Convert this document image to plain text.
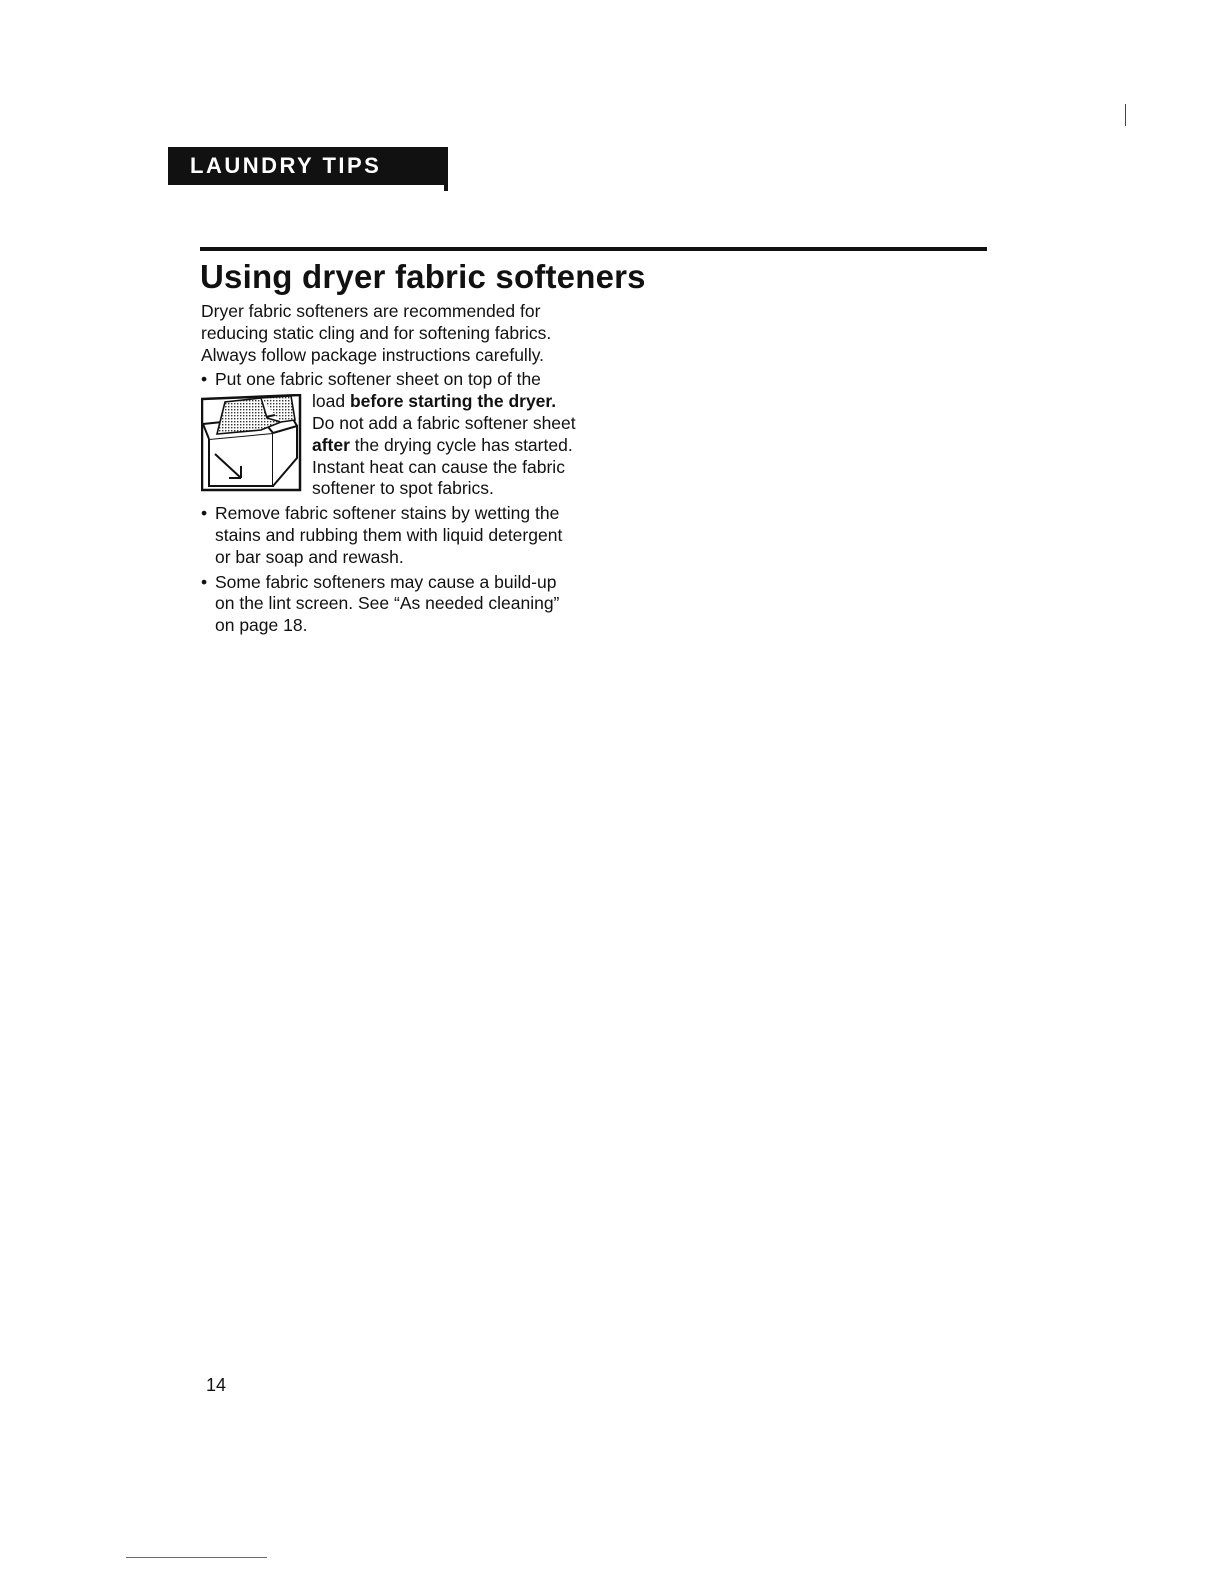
LAUNDRY TIPS
Using dryer fabric softeners

Dryer fabric softeners are recommended for reducing static cling and for softening fabrics. Always follow package instructions carefully.

• Put one fabric softener sheet on top of the load
before starting the dryer. Do not add a fabric softener sheet after the drying cycle has started. Instant heat can cause the fabric softener to spot fabrics.
• Remove fabric softener stains by wetting the stains and rubbing them with liquid detergent or bar soap and rewash.
• Some fabric softeners may cause a build-up on the lint screen. See “As needed cleaning” on page 18.
14
